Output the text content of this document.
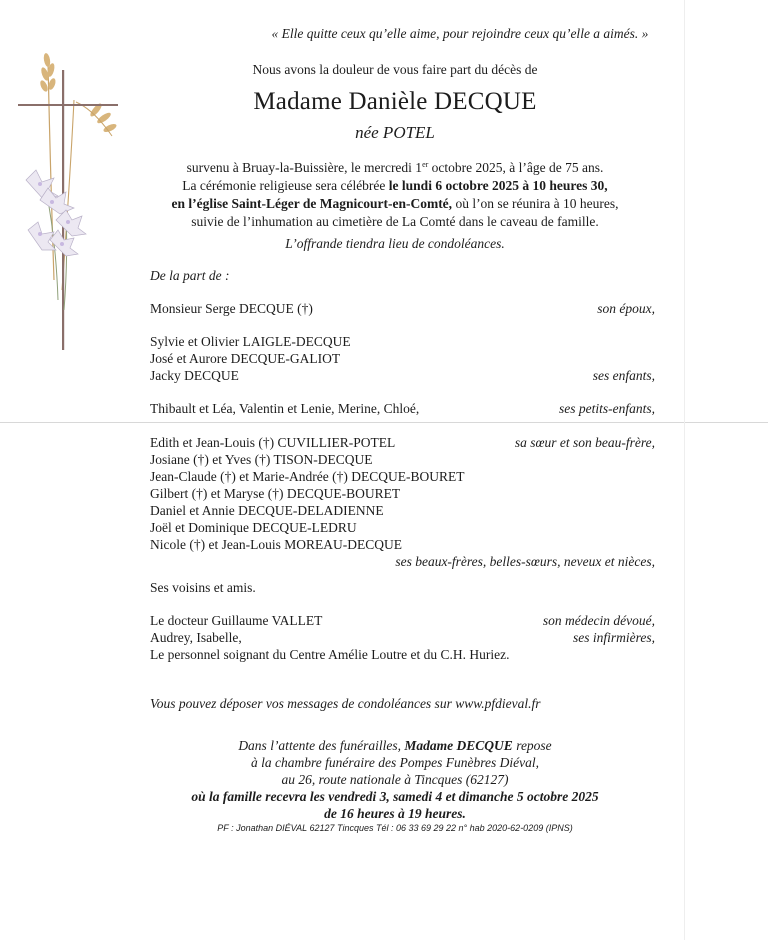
« Elle quitte ceux qu’elle aime, pour rejoindre ceux qu’elle a aimés. »
Nous avons la douleur de vous faire part du décès de
Madame Danièle DECQUE
née POTEL
survenu à Bruay-la-Buissière, le mercredi 1er octobre 2025, à l’âge de 75 ans.
La cérémonie religieuse sera célébrée le lundi 6 octobre 2025 à 10 heures 30,
en l’église Saint-Léger de Magnicourt-en-Comté, où l’on se réunira à 10 heures,
suivie de l’inhumation au cimetière de La Comté dans le caveau de famille.
L’offrande tiendra lieu de condoléances.
De la part de :
Monsieur Serge DECQUE (†)	son époux,
Sylvie et Olivier LAIGLE-DECQUE
José et Aurore DECQUE-GALIOT
Jacky DECQUE	ses enfants,
Thibault et Léa, Valentin et Lenie, Merine, Chloé,	ses petits-enfants,
Edith et Jean-Louis (†) CUVILLIER-POTEL	sa sœur et son beau-frère,
Josiane (†) et Yves (†) TISON-DECQUE
Jean-Claude (†) et Marie-Andrée (†) DECQUE-BOURET
Gilbert (†) et Maryse (†) DECQUE-BOURET
Daniel et Annie DECQUE-DELADIENNE
Joël et Dominique DECQUE-LEDRU
Nicole (†) et Jean-Louis MOREAU-DECQUE
ses beaux-frères, belles-sœurs, neveux et nièces,
Ses voisins et amis.
Le docteur Guillaume VALLET	son médecin dévoué,
Audrey, Isabelle,	ses infirmières,
Le personnel soignant du Centre Amélie Loutre et du C.H. Huriez.
Vous pouvez déposer vos messages de condoléances sur www.pfdieval.fr
Dans l’attente des funérailles, Madame DECQUE repose
à la chambre funéraire des Pompes Funèbres Diéval,
au 26, route nationale à Tincques (62127)
où la famille recevra les vendredi 3, samedi 4 et dimanche 5 octobre 2025
de 16 heures à 19 heures.
PF : Jonathan DIÉVAL 62127 Tincques Tél : 06 33 69 29 22 n° hab 2020-62-0209 (IPNS)
